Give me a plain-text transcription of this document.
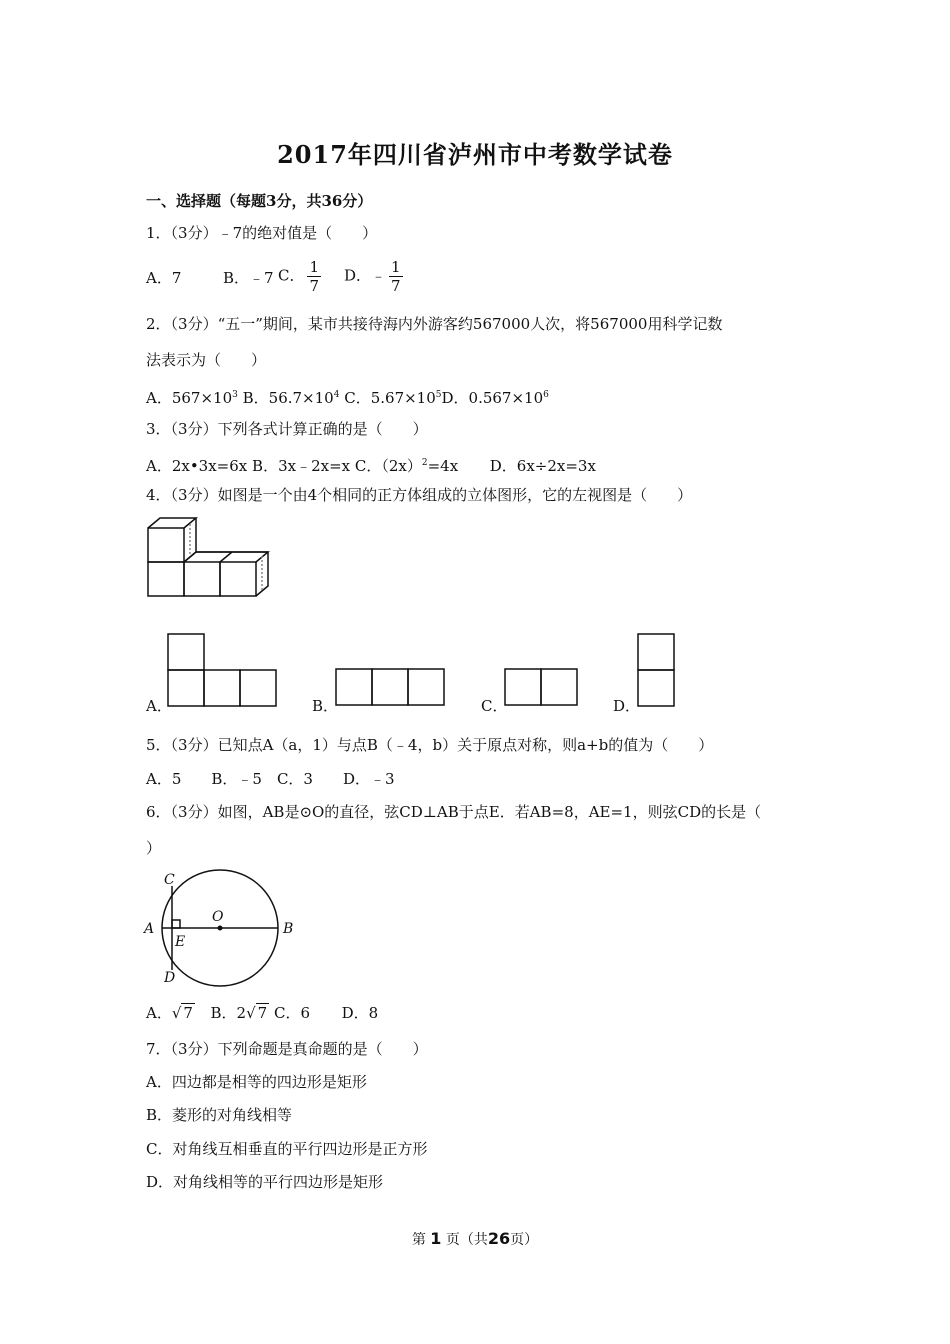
2017年四川省泸州市中考数学试卷
一、选择题（每题3分，共36分）
1．（3分）﹣7的绝对值是（　　）
A．7	B．﹣7 C． $\frac{1}{7}$ D．﹣ $\frac{1}{7}$
2．（3分）“五一”期间，某市共接待海内外游客约567000人次，将567000用科学记数
法表示为（　　）
A．$567\times 10^3$ B．$56.7\times 10^4$ C．$5.67\times 10^5D$．$0.567\times 10^6$
3．（3分）下列各式计算正确的是（　　）
A．2x•3x=6x B．3x﹣2x=x C．$(2x)^2=4x$ D．6x÷2x=3x
4．（3分）如图是一个由4个相同的正方体组成的立体图形，它的左视图是（　　）
A．	B．	C．	D．
5．（3分）已知点A（a，1）与点B（﹣4，b）关于原点对称，则a+b的值为（　　）
A．5　　B．﹣5　C．3　　D．﹣3
6．（3分）如图，AB是⊙O的直径，弦CD⊥AB于点E．若AB=8，AE=1，则弦CD的长是（
）
C
O
A	B
E
D
A．√ 7 B．2√ 7 C．6 D．8
7．（3分）下列命题是真命题的是（　　）
A．四边都是相等的四边形是矩形
B．菱形的对角线相等
C．对角线互相垂直的平行四边形是正方形
D．对角线相等的平行四边形是矩形
第 1 页（共26页）
